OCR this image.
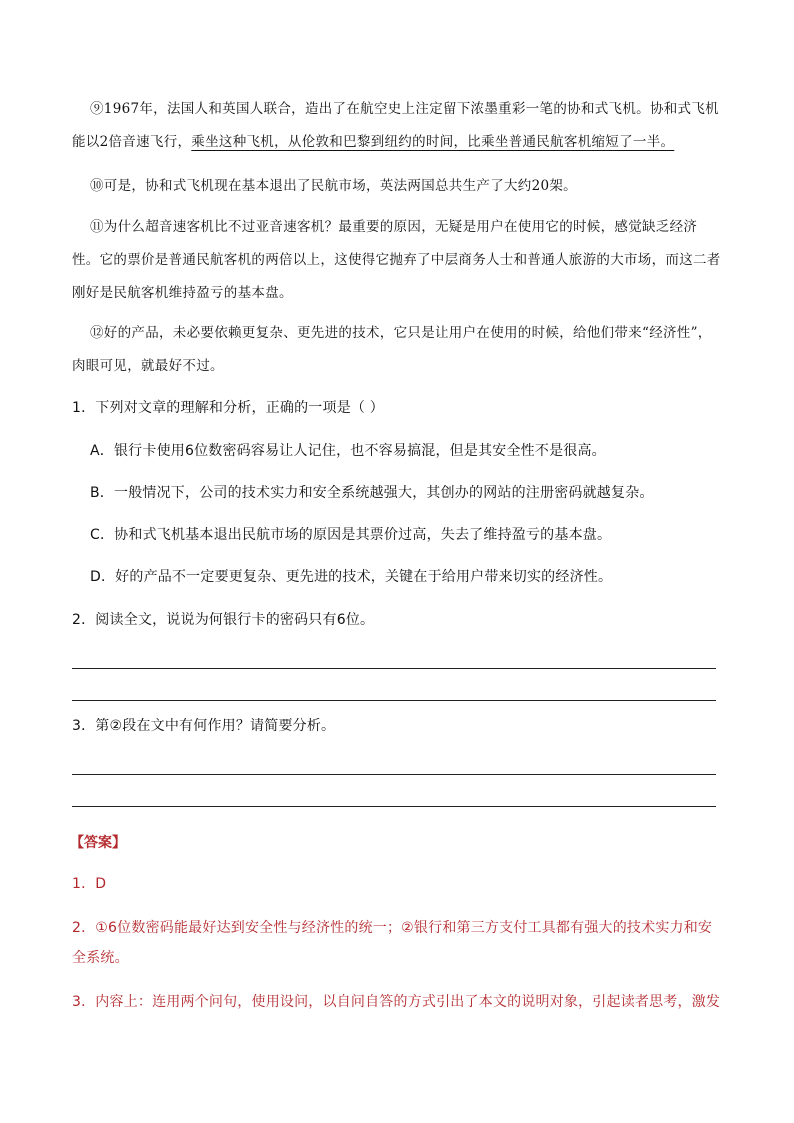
⑨1967年，法国人和英国人联合，造出了在航空史上注定留下浓墨重彩一笔的协和式飞机。协和式飞机能以2倍音速飞行，乘坐这种飞机，从伦敦和巴黎到纽约的时间，比乘坐普通民航客机缩短了一半。
⑩可是，协和式飞机现在基本退出了民航市场，英法两国总共生产了大约20架。
⑪为什么超音速客机比不过亚音速客机？最重要的原因，无疑是用户在使用它的时候，感觉缺乏经济性。它的票价是普通民航客机的两倍以上，这使得它抛弃了中层商务人士和普通人旅游的大市场，而这二者刚好是民航客机维持盈亏的基本盘。
⑫好的产品，未必要依赖更复杂、更先进的技术，它只是让用户在使用的时候，给他们带来“经济性”，肉眼可见，就最好不过。
1．下列对文章的理解和分析，正确的一项是（ ）
A．银行卡使用6位数密码容易让人记住，也不容易搞混，但是其安全性不是很高。
B．一般情况下，公司的技术实力和安全系统越强大，其创办的网站的注册密码就越复杂。
C．协和式飞机基本退出民航市场的原因是其票价过高，失去了维持盈亏的基本盘。
D．好的产品不一定要更复杂、更先进的技术，关键在于给用户带来切实的经济性。
2．阅读全文，说说为何银行卡的密码只有6位。
3．第②段在文中有何作用？请简要分析。
【答案】
1．D
2．①6位数密码能最好达到安全性与经济性的统一；②银行和第三方支付工具都有强大的技术实力和安全系统。
3．内容上：连用两个问句，使用设问，以自问自答的方式引出了本文的说明对象，引起读者思考，激发
